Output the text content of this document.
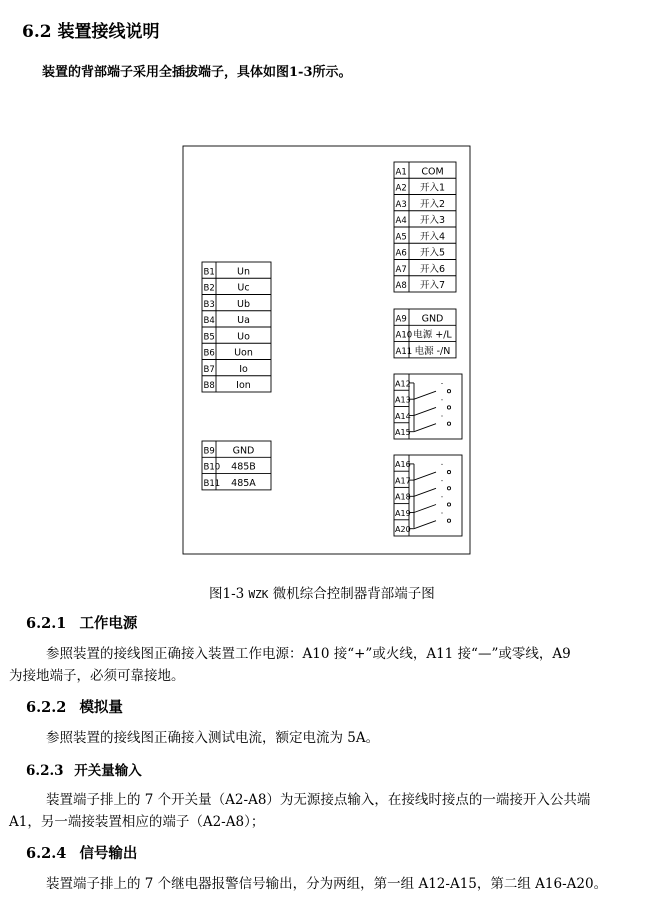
6.2 装置接线说明
装置的背部端子采用全插拔端子，具体如图1-3所示。
B1 Un
B2 Uc
B3 Ub
B4 Ua
B5 Uo
B6 Uon
B7	Io
B8 Ion
B9 GND
B10 485B
B11 485A
A1 COM
A2 开入1
A3 开入2
A4 开入3
A5 开入4
A6 开入5
A7 开入6
A8 开入7
A9 GND
A10 电源 +/L
A11 电源 -/N
A12
A13
A14
A15
A16
A17
A18
A19
A20
图1-3 WZK 微机综合控制器背部端子图
6.2.1 工作电源
参照装置的接线图正确接入装置工作电源：A10 接“+”或火线，A11 接“—”或零线，A9
为接地端子，必须可靠接地。
6.2.2 模拟量
参照装置的接线图正确接入测试电流，额定电流为 5A。
6.2.3 开关量输入
装置端子排上的 7 个开关量（A2-A8）为无源接点输入，在接线时接点的一端接开入公共端
A1，另一端接装置相应的端子（A2-A8）；
6.2.4 信号输出
装置端子排上的 7 个继电器报警信号输出，分为两组，第一组 A12-A15，第二组 A16-A20。
